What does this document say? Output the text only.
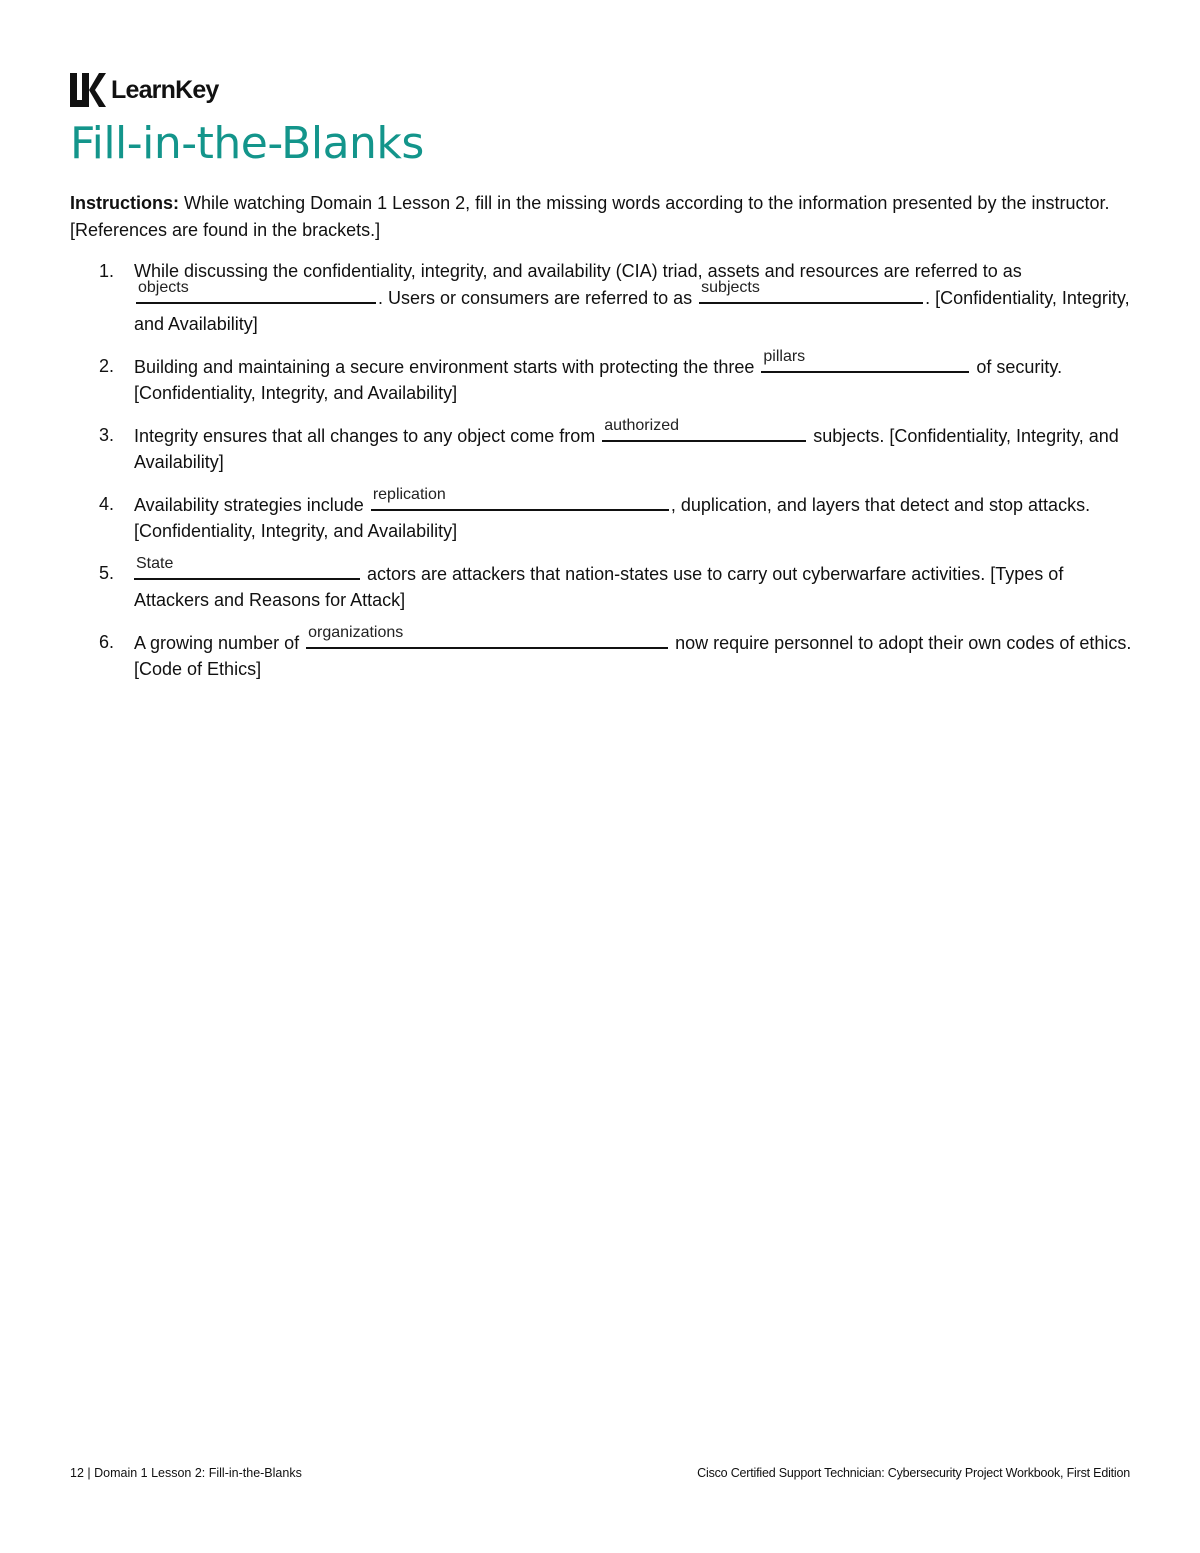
LearnKey
Fill-in-the-Blanks
Instructions: While watching Domain 1 Lesson 2, fill in the missing words according to the information presented by the instructor. [References are found in the brackets.]
1. While discussing the confidentiality, integrity, and availability (CIA) triad, assets and resources are referred to as
objects
. Users or consumers are referred to as
subjects
. [Confidentiality, Integrity, and Availability]
2. Building and maintaining a secure environment starts with protecting the three
pillars
of security. [Confidentiality, Integrity, and Availability]
3. Integrity ensures that all changes to any object come from
authorized
subjects. [Confidentiality, Integrity, and Availability]
4. Availability strategies include
replication
, duplication, and layers that detect and stop attacks. [Confidentiality, Integrity, and Availability]
5. State
actors are attackers that nation-states use to carry out cyberwarfare activities. [Types of Attackers and Reasons for Attack]
6. A growing number of
organizations
now require personnel to adopt their own codes of ethics. [Code of Ethics]
12 | Domain 1 Lesson 2: Fill-in-the-Blanks	Cisco Certified Support Technician: Cybersecurity Project Workbook, First Edition
